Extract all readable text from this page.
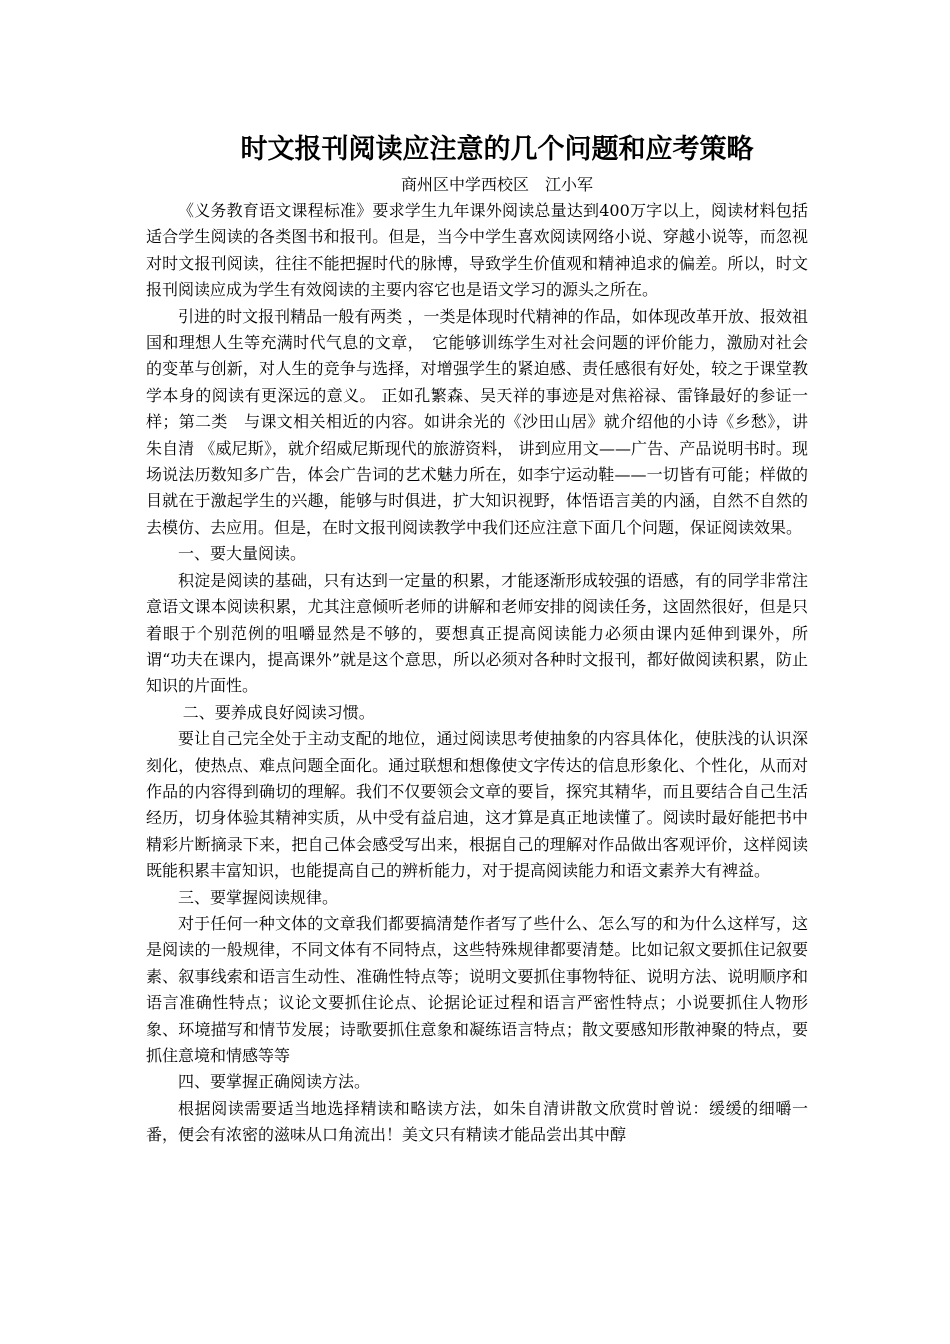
时文报刊阅读应注意的几个问题和应考策略

商州区中学西校区　江小军

《义务教育语文课程标准》要求学生九年课外阅读总量达到400万字以上，阅读材料包括适合学生阅读的各类图书和报刊。但是，当今中学生喜欢阅读网络小说、穿越小说等，而忽视对时文报刊阅读，往往不能把握时代的脉博，导致学生价值观和精神追求的偏差。所以，时文报刊阅读应成为学生有效阅读的主要内容它也是语文学习的源头之所在。

引进的时文报刊精品一般有两类 ，一类是体现时代精神的作品，如体现改革开放、报效祖国和理想人生等充满时代气息的文章，　它能够训练学生对社会问题的评价能力，激励对社会的变革与创新，对人生的竞争与选择，对增强学生的紧迫感、责任感很有好处，较之于课堂教学本身的阅读有更深远的意义。 正如孔繁森、吴天祥的事迹是对焦裕禄、雷锋最好的参证一样；第二类　与课文相关相近的内容。如讲余光的《沙田山居》就介绍他的小诗《乡愁》，讲朱自清 《威尼斯》，就介绍威尼斯现代的旅游资料， 讲到应用文——广告、产品说明书时。现场说法历数知多广告，体会广告词的艺术魅力所在，如李宁运动鞋——一切皆有可能；样做的目就在于激起学生的兴趣，能够与时俱进，扩大知识视野，体悟语言美的内涵，自然不自然的去模仿、去应用。但是，在时文报刊阅读教学中我们还应注意下面几个问题，保证阅读效果。

一、要大量阅读。

积淀是阅读的基础，只有达到一定量的积累，才能逐渐形成较强的语感，有的同学非常注意语文课本阅读积累，尤其注意倾听老师的讲解和老师安排的阅读任务，这固然很好，但是只着眼于个别范例的咀嚼显然是不够的，要想真正提高阅读能力必须由课内延伸到课外，所谓“功夫在课内，提高课外”就是这个意思，所以必须对各种时文报刊，都好做阅读积累，防止知识的片面性。

二、要养成良好阅读习惯。

要让自己完全处于主动支配的地位，通过阅读思考使抽象的内容具体化，使肤浅的认识深刻化，使热点、难点问题全面化。通过联想和想像使文字传达的信息形象化、个性化，从而对作品的内容得到确切的理解。我们不仅要领会文章的要旨，探究其精华，而且要结合自己生活经历，切身体验其精神实质，从中受有益启迪，这才算是真正地读懂了。阅读时最好能把书中精彩片断摘录下来，把自己体会感受写出来，根据自己的理解对作品做出客观评价，这样阅读既能积累丰富知识，也能提高自己的辨析能力，对于提高阅读能力和语文素养大有裨益。

三、要掌握阅读规律。

对于任何一种文体的文章我们都要搞清楚作者写了些什么、怎么写的和为什么这样写，这是阅读的一般规律，不同文体有不同特点，这些特殊规律都要清楚。比如记叙文要抓住记叙要素、叙事线索和语言生动性、准确性特点等；说明文要抓住事物特征、说明方法、说明顺序和语言准确性特点；议论文要抓住论点、论据论证过程和语言严密性特点；小说要抓住人物形象、环境描写和情节发展；诗歌要抓住意象和凝练语言特点；散文要感知形散神聚的特点，要抓住意境和情感等等

四、要掌握正确阅读方法。

根据阅读需要适当地选择精读和略读方法，如朱自清讲散文欣赏时曾说：缓缓的细嚼一番，便会有浓密的滋味从口角流出！美文只有精读才能品尝出其中醇
